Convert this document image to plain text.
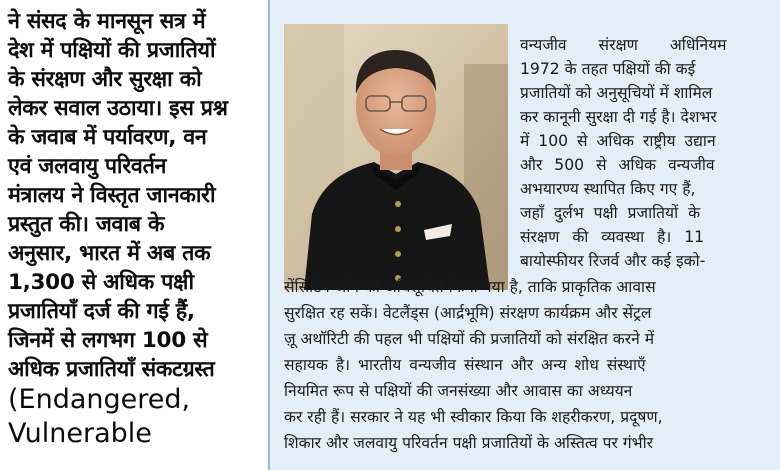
ने संसद के मानसून सत्र में
देश में पक्षियों की प्रजातियों
के संरक्षण और सुरक्षा को
लेकर सवाल उठाया। इस प्रश्न
के जवाब में पर्यावरण, वन
एवं जलवायु परिवर्तन
मंत्रालय ने विस्तृत जानकारी
प्रस्तुत की। जवाब के
अनुसार, भारत में अब तक
1,300 से अधिक पक्षी
प्रजातियाँ दर्ज की गई हैं,
जिनमें से लगभग 100 से
अधिक प्रजातियाँ संकटग्रस्त
(Endangered,
Vulnerable
वन्यजीव संरक्षण अधिनियम
1972 के तहत पक्षियों की कई
प्रजातियों को अनुसूचियों में शामिल
कर कानूनी सुरक्षा दी गई है। देशभर
में 100 से अधिक राष्ट्रीय उद्यान
और 500 से अधिक वन्यजीव
अभयारण्य स्थापित किए गए हैं,
जहाँ दुर्लभ पक्षी प्रजातियों के
संरक्षण की व्यवस्था है। 11
बायोस्फीयर रिजर्व और कई इको-
सेंसिटिव जोन को अधिसूचित किया गया है, ताकि प्राकृतिक आवास
सुरक्षित रह सकें। वेटलैंड्स (आर्द्रभूमि) संरक्षण कार्यक्रम और सेंट्रल
ज़ू अथॉरिटी की पहल भी पक्षियों की प्रजातियों को संरक्षित करने में
सहायक है। भारतीय वन्यजीव संस्थान और अन्य शोध संस्थाएँ
नियमित रूप से पक्षियों की जनसंख्या और आवास का अध्ययन
कर रही हैं। सरकार ने यह भी स्वीकार किया कि शहरीकरण, प्रदूषण,
शिकार और जलवायु परिवर्तन पक्षी प्रजातियों के अस्तित्व पर गंभीर
